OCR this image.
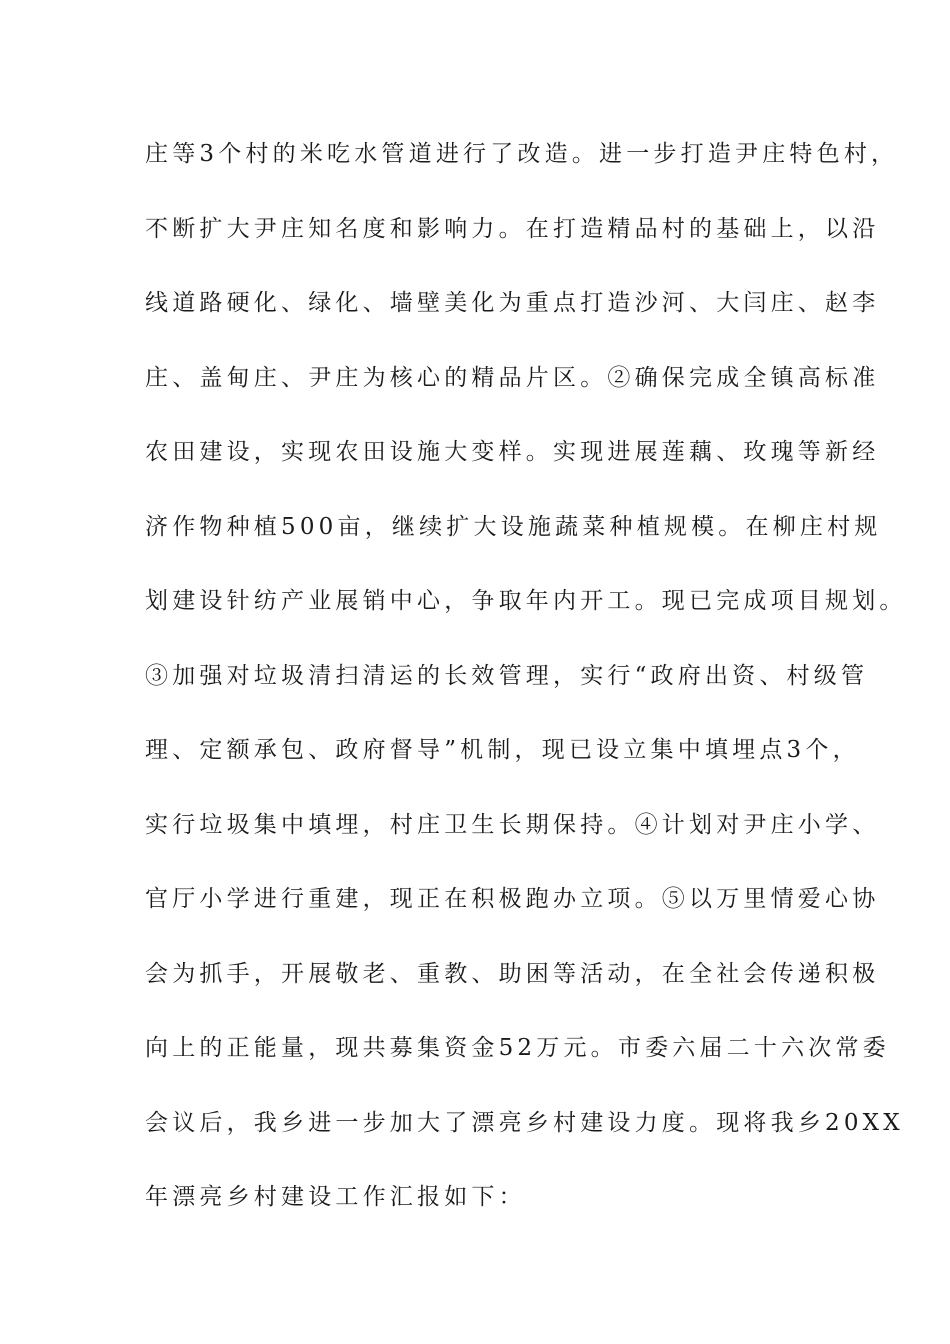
庄等3个村的米吃水管道进行了改造。进一步打造尹庄特色村，
不断扩大尹庄知名度和影响力。在打造精品村的基础上，以沿
线道路硬化、绿化、墙壁美化为重点打造沙河、大闫庄、赵李
庄、盖甸庄、尹庄为核心的精品片区。②确保完成全镇高标准
农田建设，实现农田设施大变样。实现进展莲藕、玫瑰等新经
济作物种植500亩，继续扩大设施蔬菜种植规模。在柳庄村规
划建设针纺产业展销中心，争取年内开工。现已完成项目规划。
③加强对垃圾清扫清运的长效管理，实行“政府出资、村级管
理、定额承包、政府督导”机制，现已设立集中填埋点3个，
实行垃圾集中填埋，村庄卫生长期保持。④计划对尹庄小学、
官厅小学进行重建，现正在积极跑办立项。⑤以万里情爱心协
会为抓手，开展敬老、重教、助困等活动，在全社会传递积极
向上的正能量，现共募集资金52万元。市委六届二十六次常委
会议后，我乡进一步加大了漂亮乡村建设力度。现将我乡20XX
年漂亮乡村建设工作汇报如下：
